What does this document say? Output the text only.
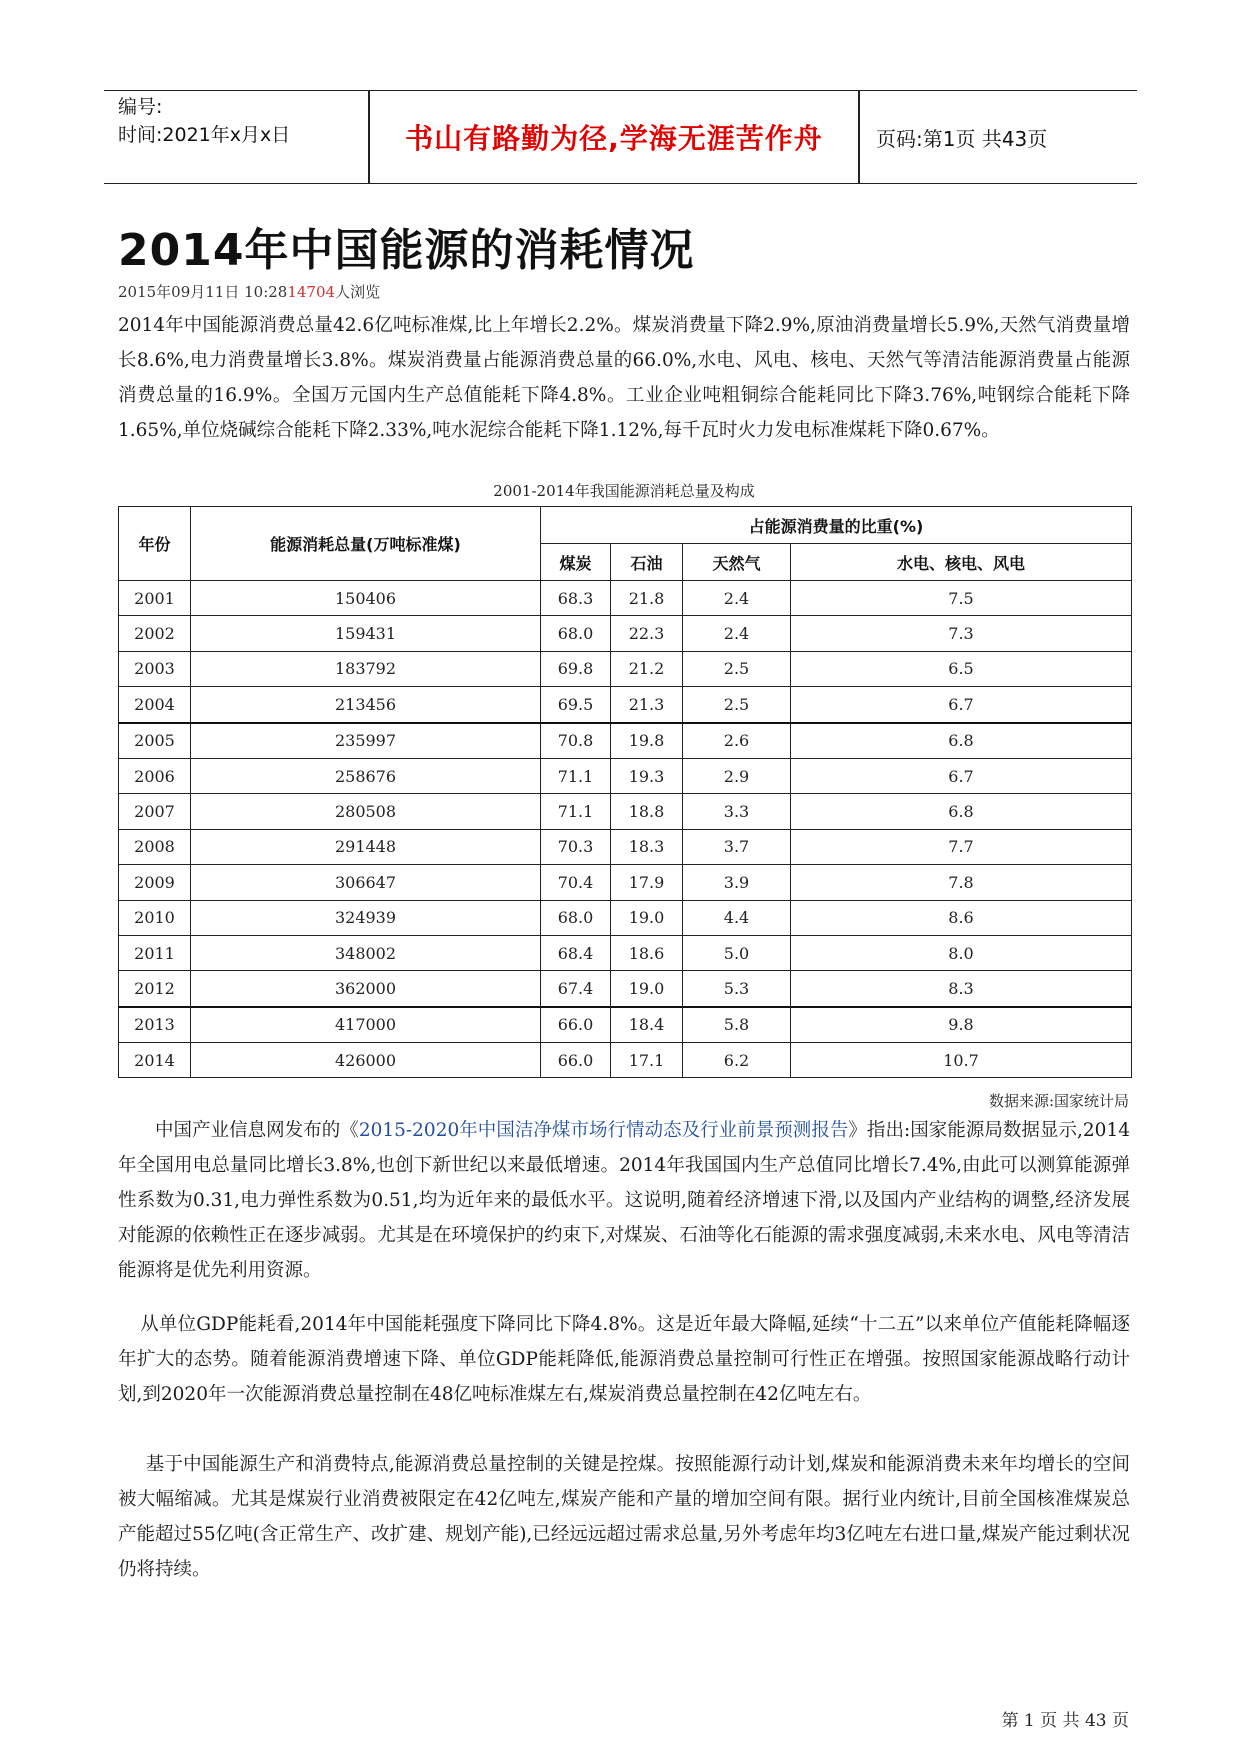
编号:
时间:2021年x月x日	书山有路勤为径,学海无涯苦作舟	页码:第1页 共43页
2014年中国能源的消耗情况
2015年09月11日 10:2814704人浏览

2014年中国能源消费总量42.6亿吨标准煤,比上年增长2.2%。煤炭消费量下降2.9%,原油消费量增长5.9%,天然气消费量增长8.6%,电力消费量增长3.8%。煤炭消费量占能源消费总量的66.0%,水电、风电、核电、天然气等清洁能源消费量占能源消费总量的16.9%。全国万元国内生产总值能耗下降4.8%。工业企业吨粗铜综合能耗同比下降3.76%,吨钢综合能耗下降1.65%,单位烧碱综合能耗下降2.33%,吨水泥综合能耗下降1.12%,每千瓦时火力发电标准煤耗下降0.67%。

2001-2014年我国能源消耗总量及构成
年份	能源消耗总量(万吨标准煤)	占能源消费量的比重(%)			
		煤炭	石油	天然气	水电、核电、风电
2001	150406	68.3	21.8	2.4	7.5
2002	159431	68.0	22.3	2.4	7.3
2003	183792	69.8	21.2	2.5	6.5
2004	213456	69.5	21.3	2.5	6.7
2005	235997	70.8	19.8	2.6	6.8
2006	258676	71.1	19.3	2.9	6.7
2007	280508	71.1	18.8	3.3	6.8
2008	291448	70.3	18.3	3.7	7.7
2009	306647	70.4	17.9	3.9	7.8
2010	324939	68.0	19.0	4.4	8.6
2011	348002	68.4	18.6	5.0	8.0
2012	362000	67.4	19.0	5.3	8.3
2013	417000	66.0	18.4	5.8	9.8
2014	426000	66.0	17.1	6.2	10.7
数据来源:国家统计局

中国产业信息网发布的《2015-2020年中国洁净煤市场行情动态及行业前景预测报告》指出:国家能源局数据显示,2014年全国用电总量同比增长3.8%,也创下新世纪以来最低增速。2014年我国国内生产总值同比增长7.4%,由此可以测算能源弹性系数为0.31,电力弹性系数为0.51,均为近年来的最低水平。这说明,随着经济增速下滑,以及国内产业结构的调整,经济发展对能源的依赖性正在逐步减弱。尤其是在环境保护的约束下,对煤炭、石油等化石能源的需求强度减弱,未来水电、风电等清洁能源将是优先利用资源。

从单位GDP能耗看,2014年中国能耗强度下降同比下降4.8%。这是近年最大降幅,延续“十二五”以来单位产值能耗降幅逐年扩大的态势。随着能源消费增速下降、单位GDP能耗降低,能源消费总量控制可行性正在增强。按照国家能源战略行动计划,到2020年一次能源消费总量控制在48亿吨标准煤左右,煤炭消费总量控制在42亿吨左右。

基于中国能源生产和消费特点,能源消费总量控制的关键是控煤。按照能源行动计划,煤炭和能源消费未来年均增长的空间被大幅缩减。尤其是煤炭行业消费被限定在42亿吨左,煤炭产能和产量的增加空间有限。据行业内统计,目前全国核准煤炭总产能超过55亿吨(含正常生产、改扩建、规划产能),已经远远超过需求总量,另外考虑年均3亿吨左右进口量,煤炭产能过剩状况仍将持续。

第 1 页 共 43 页
